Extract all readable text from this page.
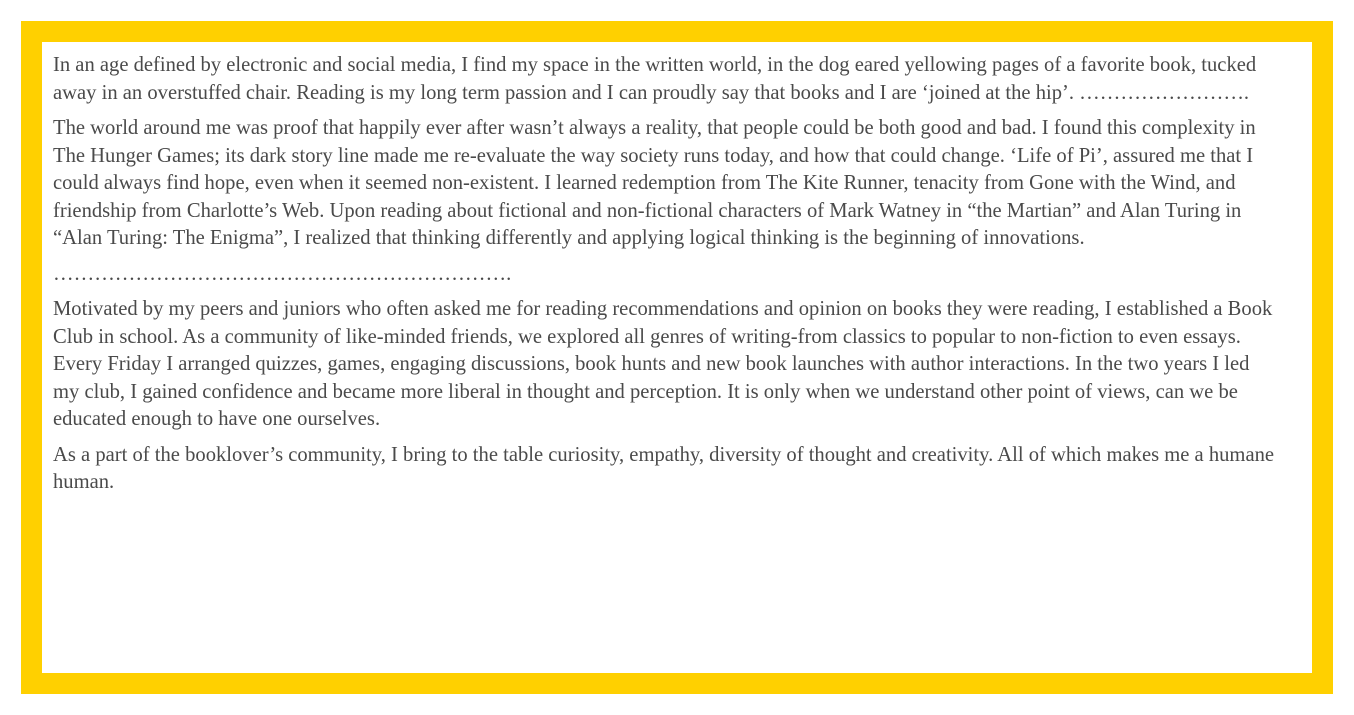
In an age defined by electronic and social media, I find my space in the written world, in the dog eared yellowing pages of a favorite book, tucked away in an overstuffed chair. Reading is my long term passion and I can proudly say that books and I are ‘joined at the hip’. …………………….

The world around me was proof that happily ever after wasn’t always a reality, that people could be both good and bad. I found this complexity in The Hunger Games; its dark story line made me re-evaluate the way society runs today, and how that could change. ‘Life of Pi’, assured me that I could always find hope, even when it seemed non-existent. I learned redemption from The Kite Runner, tenacity from Gone with the Wind, and friendship from Charlotte’s Web. Upon reading about fictional and non-fictional characters of Mark Watney in “the Martian” and Alan Turing in “Alan Turing: The Enigma”, I realized that thinking differently and applying logical thinking is the beginning of innovations.

………………………………………………………….

Motivated by my peers and juniors who often asked me for reading recommendations and opinion on books they were reading, I established a Book Club in school. As a community of like-minded friends, we explored all genres of writing-from classics to popular to non-fiction to even essays. Every Friday I arranged quizzes, games, engaging discussions, book hunts and new book launches with author interactions. In the two years I led my club, I gained confidence and became more liberal in thought and perception. It is only when we understand other point of views, can we be educated enough to have one ourselves.

As a part of the booklover’s community, I bring to the table curiosity, empathy, diversity of thought and creativity. All of which makes me a humane human.
